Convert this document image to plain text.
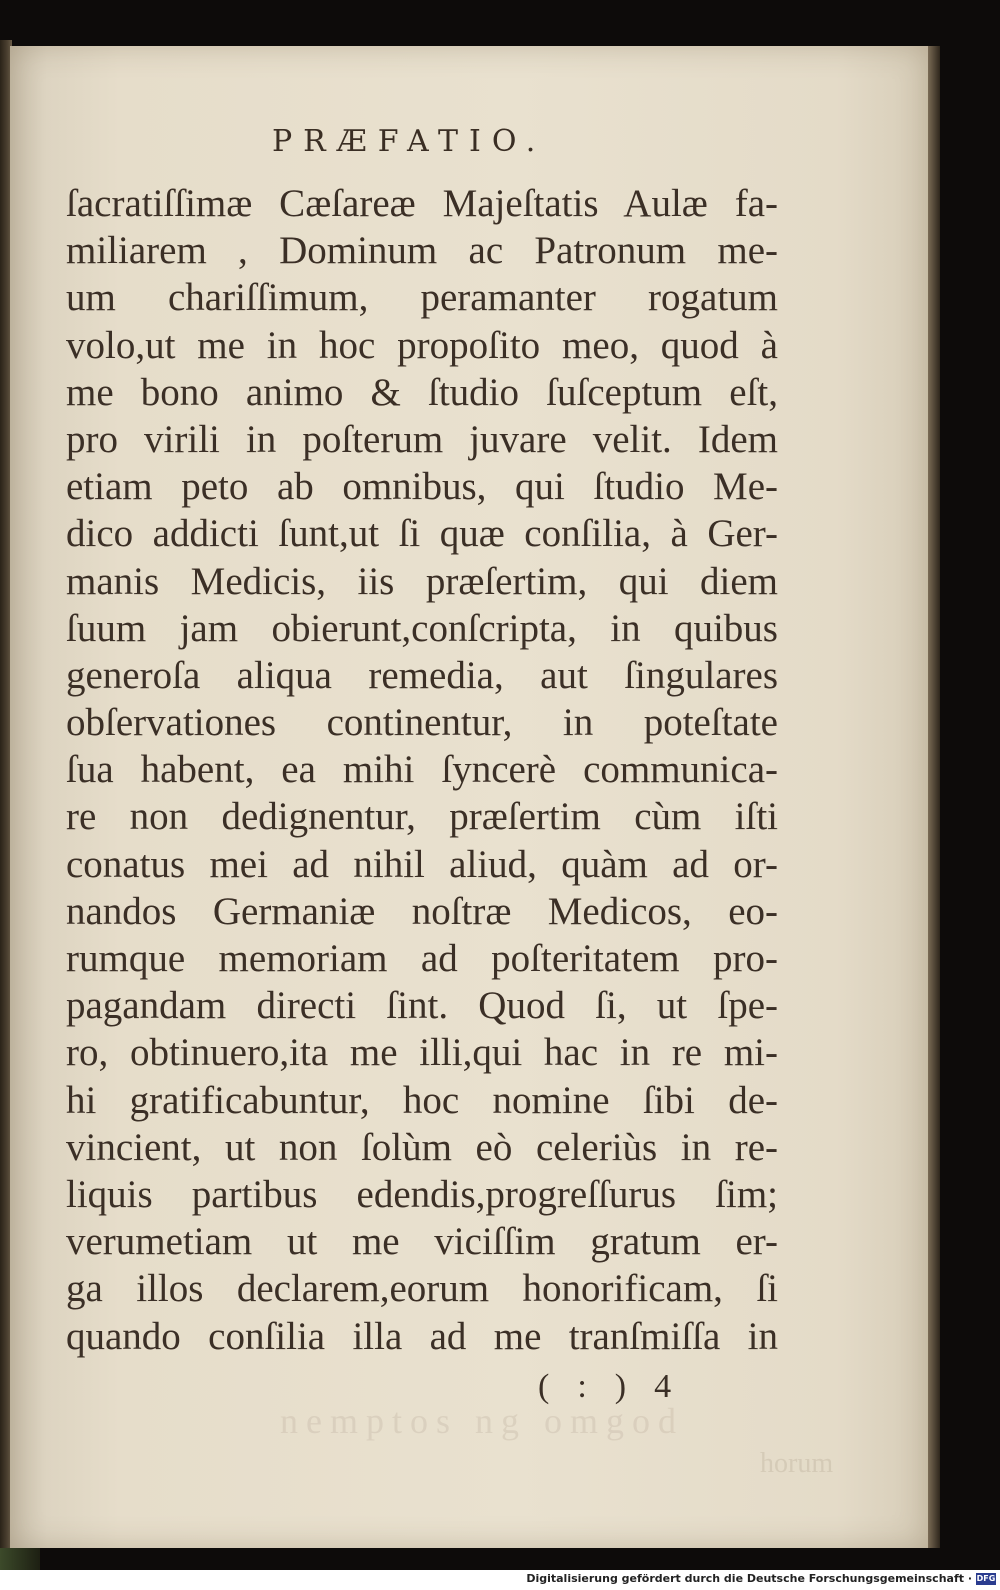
PRÆFATIO.
ſacratiſſimæ Cæſareæ Majeſtatis Aulæ fa-
miliarem , Dominum ac Patronum me-
um chariſſimum, peramanter rogatum
volo,ut me in hoc propoſito meo, quod à
me bono animo & ſtudio ſuſceptum eſt,
pro virili in poſterum juvare velit. Idem
etiam peto ab omnibus, qui ſtudio Me-
dico addicti ſunt,ut ſi quæ conſilia, à Ger-
manis Medicis, iis præſertim, qui diem
ſuum jam obierunt,conſcripta, in quibus
generoſa aliqua remedia, aut ſingulares
obſervationes continentur, in poteſtate
ſua habent, ea mihi ſyncerè communica-
re non dedignentur, præſertim cùm iſti
conatus mei ad nihil aliud, quàm ad or-
nandos Germaniæ noſtræ Medicos, eo-
rumque memoriam ad poſteritatem pro-
pagandam directi ſint. Quod ſi, ut ſpe-
ro, obtinuero,ita me illi,qui hac in re mi-
hi gratificabuntur, hoc nomine ſibi de-
vincient, ut non ſolùm eò celeriùs in re-
liquis partibus edendis,progreſſurus ſim;
verumetiam ut me viciſſim gratum er-
ga illos declarem,eorum honorificam, ſi
quando conſilia illa ad me tranſmiſſa in
nemptos ng omgod
horum
(:)4
Digitalisierung gefördert durch die Deutsche Forschungsgemeinschaft · DFG
